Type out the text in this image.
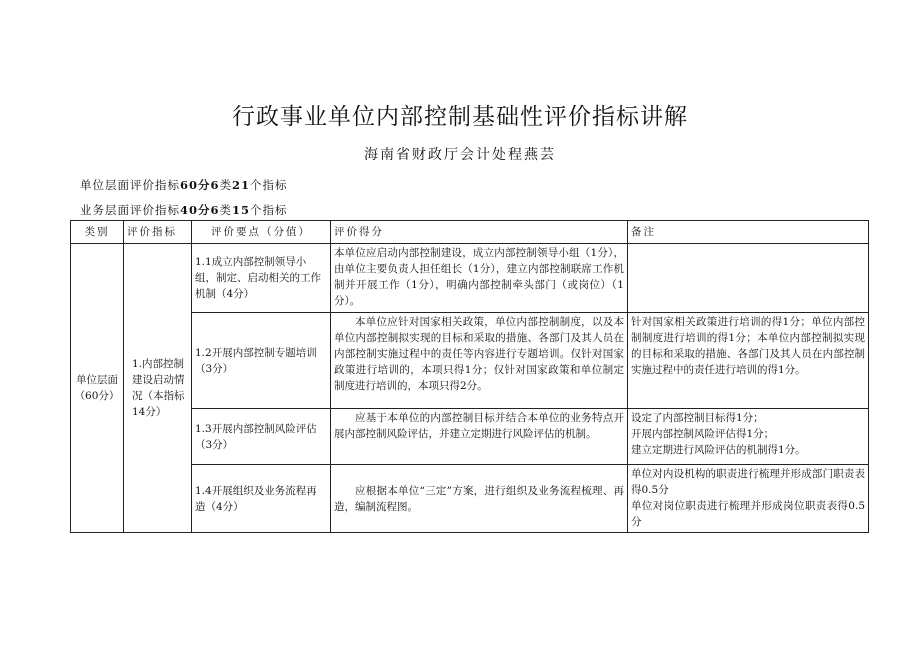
行政事业单位内部控制基础性评价指标讲解
海南省财政厅会计处程燕芸
单位层面评价指标60分6类21个指标
业务层面评价指标40分6类15个指标
类别	评价指标	评价要点（分值）	评价得分	备注
单位层面（60分）	1.内部控制建设启动情况（本指标14分）	1.1成立内部控制领导小组，制定、启动相关的工作机制（4分）	本单位应启动内部控制建设，成立内部控制领导小组（1分），由单位主要负责人担任组长（1分），建立内部控制联席工作机制并开展工作（1分），明确内部控制牵头部门（或岗位）（1分）。	
		1.2开展内部控制专题培训（3分）	本单位应针对国家相关政策，单位内部控制制度，以及本单位内部控制拟实现的目标和采取的措施、各部门及其人员在内部控制实施过程中的责任等内容进行专题培训。仅针对国家政策进行培训的，本项只得1分；仅针对国家政策和单位制定制度进行培训的，本项只得2分。	针对国家相关政策进行培训的得1分；单位内部控制制度进行培训的得1分；本单位内部控制拟实现的目标和采取的措施、各部门及其人员在内部控制实施过程中的责任进行培训的得1分。
		1.3开展内部控制风险评估（3分）	应基于本单位的内部控制目标并结合本单位的业务特点开展内部控制风险评估，并建立定期进行风险评估的机制。	设定了内部控制目标得1分；
开展内部控制风险评估得1分；
建立定期进行风险评估的机制得1分。

		1.4开展组织及业务流程再造（4分）	应根据本单位“三定”方案，进行组织及业务流程梳理、再造，编制流程图。	单位对内设机构的职责进行梳理并形成部门职责表得0.5分
单位对岗位职责进行梳理并形成岗位职责表得0.5分
